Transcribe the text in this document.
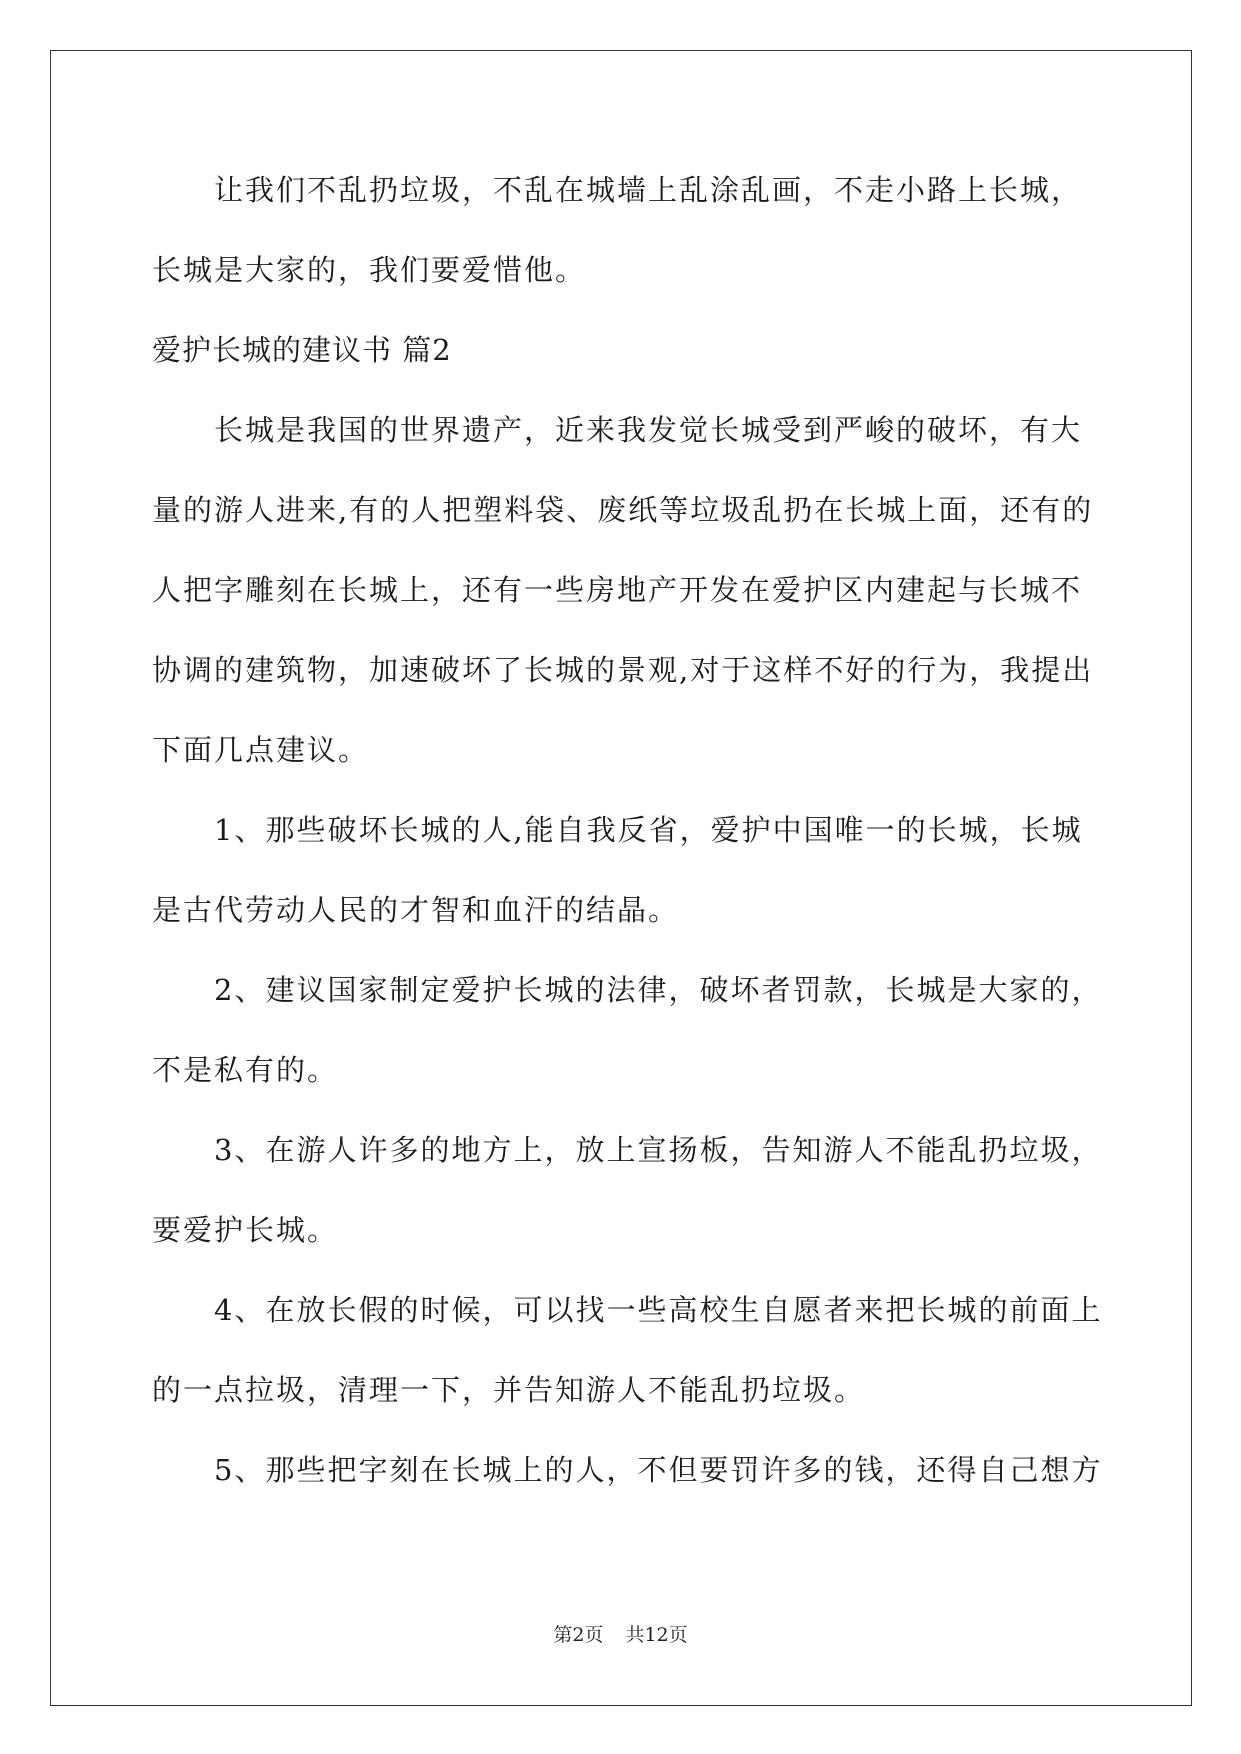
让我们不乱扔垃圾，不乱在城墙上乱涂乱画，不走小路上长城，
长城是大家的，我们要爱惜他。
爱护长城的建议书 篇2
长城是我国的世界遗产，近来我发觉长城受到严峻的破坏，有大
量的游人进来,有的人把塑料袋、废纸等垃圾乱扔在长城上面，还有的
人把字雕刻在长城上，还有一些房地产开发在爱护区内建起与长城不
协调的建筑物，加速破坏了长城的景观,对于这样不好的行为，我提出
下面几点建议。
1、那些破坏长城的人,能自我反省，爱护中国唯一的长城，长城
是古代劳动人民的才智和血汗的结晶。
2、建议国家制定爱护长城的法律，破坏者罚款，长城是大家的，
不是私有的。
3、在游人许多的地方上，放上宣扬板，告知游人不能乱扔垃圾，
要爱护长城。
4、在放长假的时候，可以找一些高校生自愿者来把长城的前面上
的一点拉圾，清理一下，并告知游人不能乱扔垃圾。
5、那些把字刻在长城上的人，不但要罚许多的钱，还得自己想方
第2页 共12页
